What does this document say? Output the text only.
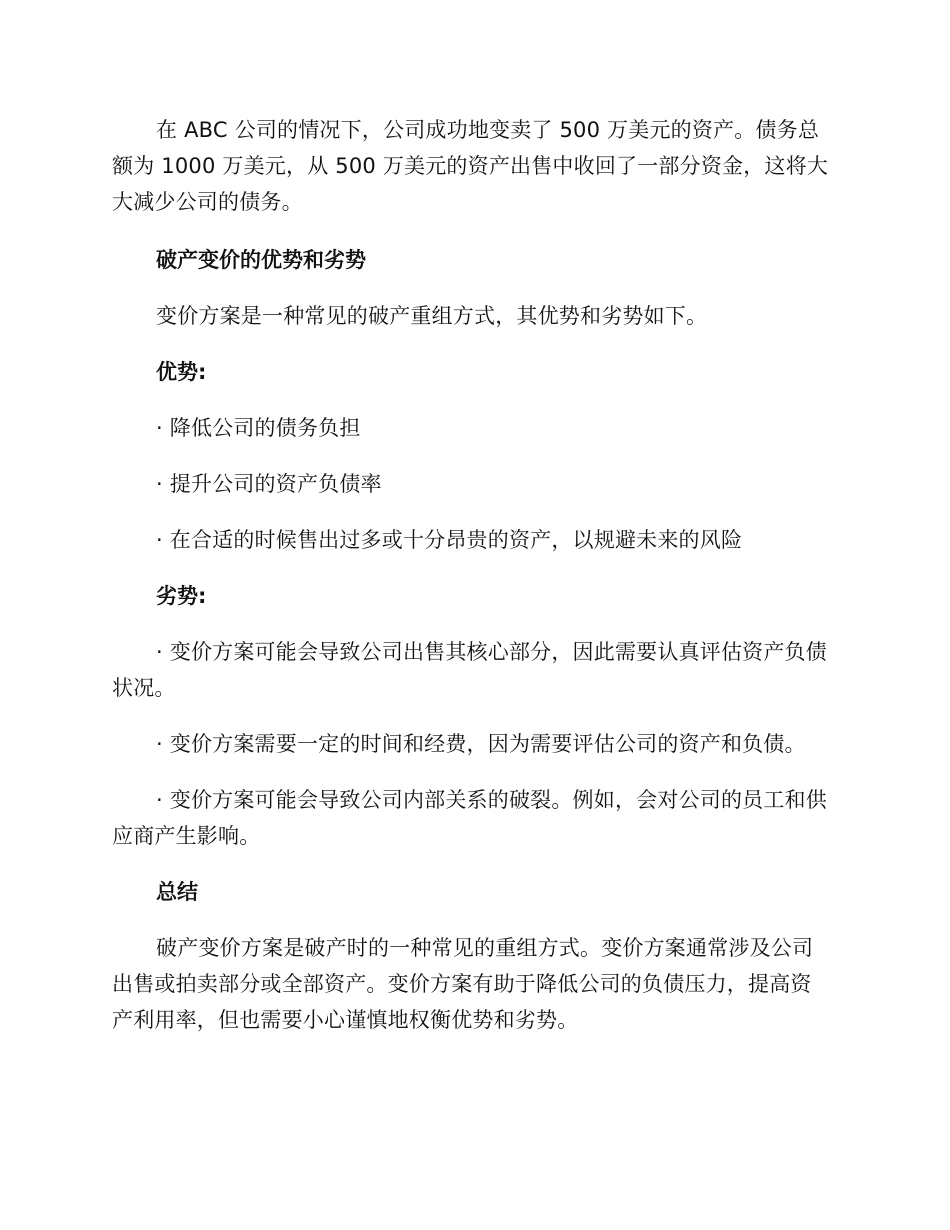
在 ABC 公司的情况下，公司成功地变卖了 500 万美元的资产。债务总额为 1000 万美元，从 500 万美元的资产出售中收回了一部分资金，这将大大减少公司的债务。

破产变价的优势和劣势

变价方案是一种常见的破产重组方式，其优势和劣势如下。

优势:

· 降低公司的债务负担

· 提升公司的资产负债率

· 在合适的时候售出过多或十分昂贵的资产，以规避未来的风险

劣势:

· 变价方案可能会导致公司出售其核心部分，因此需要认真评估资产负债状况。

· 变价方案需要一定的时间和经费，因为需要评估公司的资产和负债。

· 变价方案可能会导致公司内部关系的破裂。例如，会对公司的员工和供应商产生影响。

总结

破产变价方案是破产时的一种常见的重组方式。变价方案通常涉及公司出售或拍卖部分或全部资产。变价方案有助于降低公司的负债压力，提高资产利用率，但也需要小心谨慎地权衡优势和劣势。
